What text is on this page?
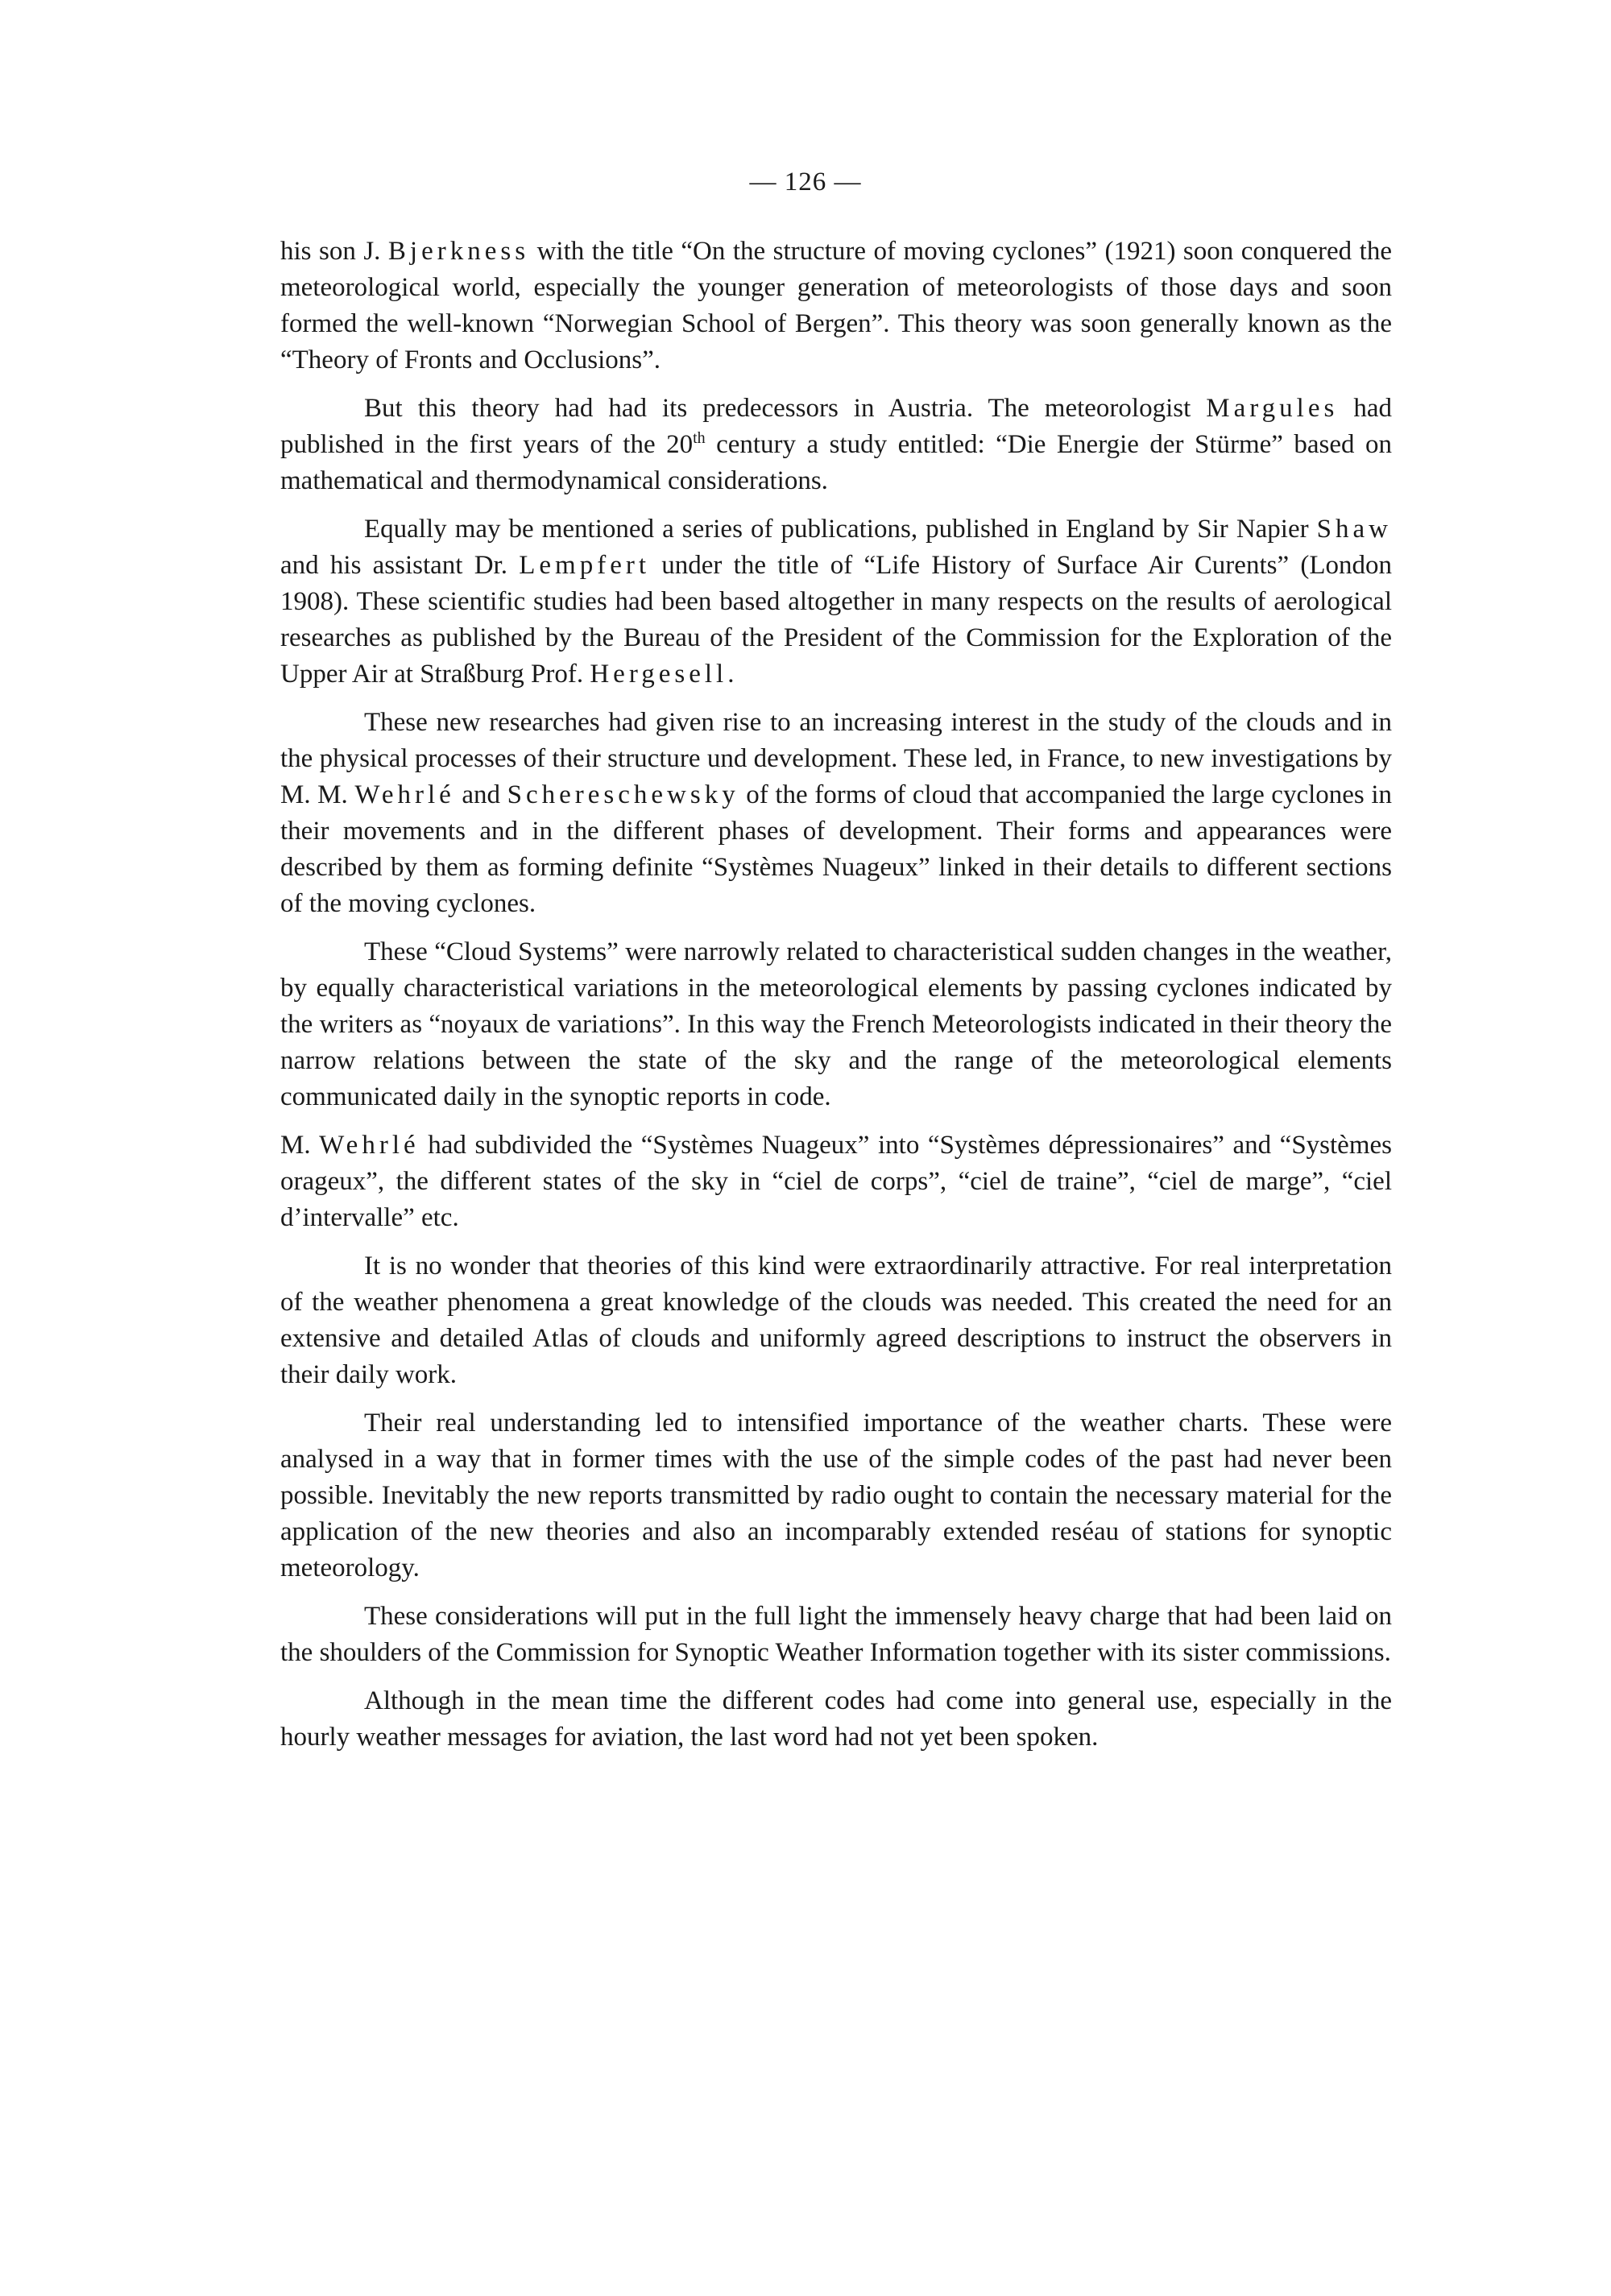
— 126 —

his son J. Bjerkness with the title “On the structure of moving cyclones” (1921) soon conquered the meteorological world, especially the younger generation of meteorologists of those days and soon formed the well-known “Norwegian School of Bergen”. This theory was soon generally known as the “Theory of Fronts and Occlusions”.

But this theory had had its predecessors in Austria. The meteorologist Margules had published in the first years of the 20th century a study entitled: “Die Energie der Stürme” based on mathematical and thermodynamical considerations.

Equally may be mentioned a series of publications, published in England by Sir Napier Shaw and his assistant Dr. Lempfert under the title of “Life History of Surface Air Curents” (London 1908). These scientific studies had been based altogether in many respects on the results of aerological researches as published by the Bureau of the President of the Commission for the Exploration of the Upper Air at Straßburg Prof. Hergesell.

These new researches had given rise to an increasing interest in the study of the clouds and in the physical processes of their structure und development. These led, in France, to new investigations by M. M. Wehrlé and Schereschewsky of the forms of cloud that accompanied the large cyclones in their movements and in the different phases of development. Their forms and appearances were described by them as forming definite “Systèmes Nuageux” linked in their details to different sections of the moving cyclones.

These “Cloud Systems” were narrowly related to characteristical sudden changes in the weather, by equally characteristical variations in the meteorological elements by passing cyclones indicated by the writers as “noyaux de variations”. In this way the French Meteorologists indicated in their theory the narrow relations between the state of the sky and the range of the meteorological elements communicated daily in the synoptic reports in code.

M. Wehrlé had subdivided the “Systèmes Nuageux” into “Systèmes dépressionaires” and “Systèmes orageux”, the different states of the sky in “ciel de corps”, “ciel de traine”, “ciel de marge”, “ciel d’intervalle” etc.

It is no wonder that theories of this kind were extraordinarily attractive. For real interpretation of the weather phenomena a great knowledge of the clouds was needed. This created the need for an extensive and detailed Atlas of clouds and uniformly agreed descriptions to instruct the observers in their daily work.

Their real understanding led to intensified importance of the weather charts. These were analysed in a way that in former times with the use of the simple codes of the past had never been possible. Inevitably the new reports transmitted by radio ought to contain the necessary material for the application of the new theories and also an incomparably extended reséau of stations for synoptic meteorology.

These considerations will put in the full light the immensely heavy charge that had been laid on the shoulders of the Commission for Synoptic Weather Information together with its sister commissions.

Although in the mean time the different codes had come into general use, especially in the hourly weather messages for aviation, the last word had not yet been spoken.
